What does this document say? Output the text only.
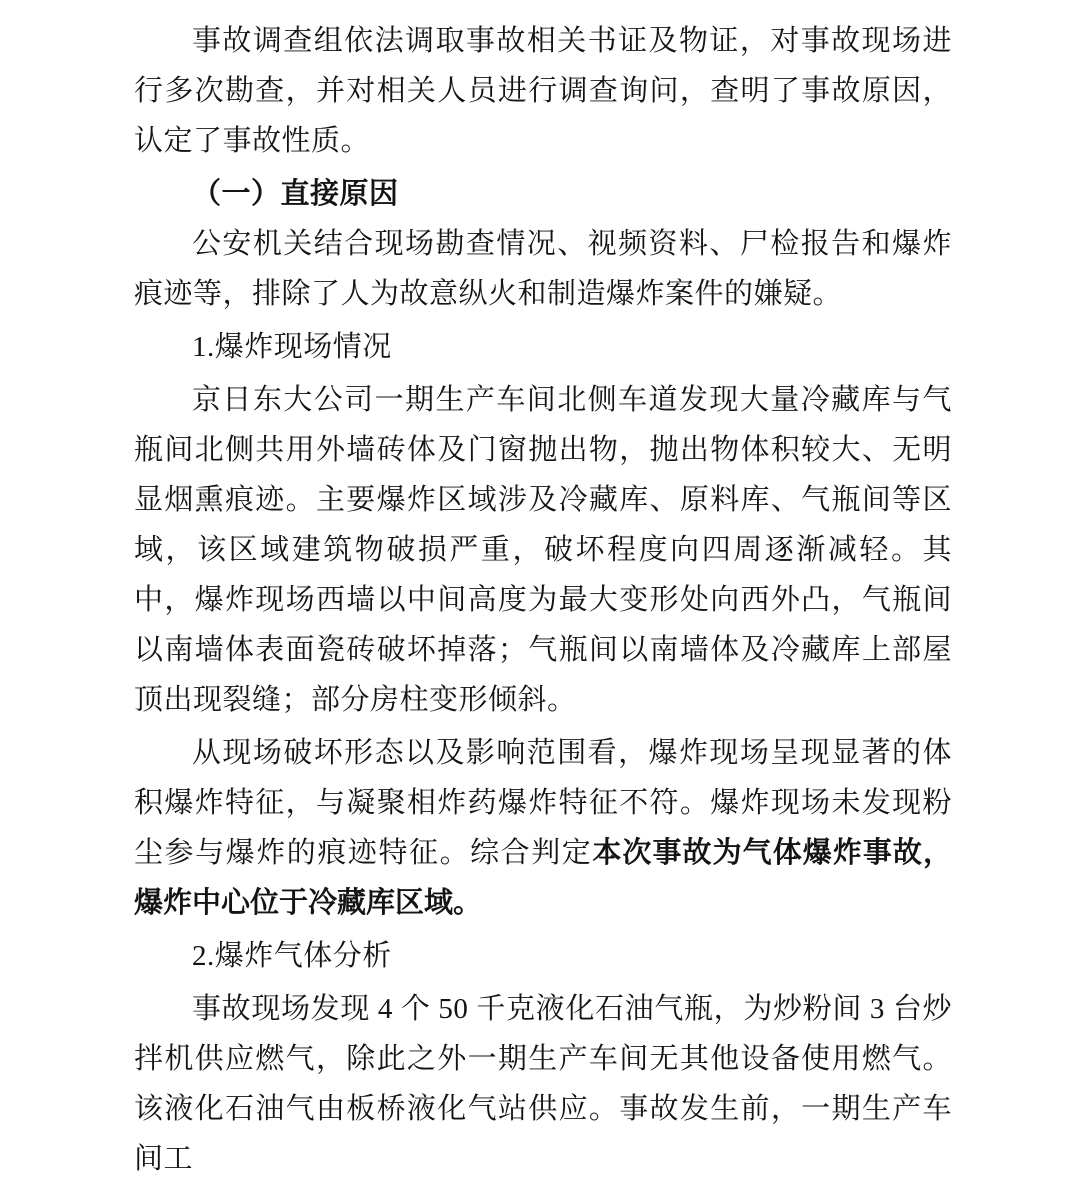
事故调查组依法调取事故相关书证及物证，对事故现场进行多次勘查，并对相关人员进行调查询问，查明了事故原因，认定了事故性质。

（一）直接原因

公安机关结合现场勘查情况、视频资料、尸检报告和爆炸痕迹等，排除了人为故意纵火和制造爆炸案件的嫌疑。

1.爆炸现场情况

京日东大公司一期生产车间北侧车道发现大量冷藏库与气瓶间北侧共用外墙砖体及门窗抛出物，抛出物体积较大、无明显烟熏痕迹。主要爆炸区域涉及冷藏库、原料库、气瓶间等区域，该区域建筑物破损严重，破坏程度向四周逐渐减轻。其中，爆炸现场西墙以中间高度为最大变形处向西外凸，气瓶间以南墙体表面瓷砖破坏掉落；气瓶间以南墙体及冷藏库上部屋顶出现裂缝；部分房柱变形倾斜。

从现场破坏形态以及影响范围看，爆炸现场呈现显著的体积爆炸特征，与凝聚相炸药爆炸特征不符。爆炸现场未发现粉尘参与爆炸的痕迹特征。综合判定本次事故为气体爆炸事故，爆炸中心位于冷藏库区域。

2.爆炸气体分析

事故现场发现 4 个 50 千克液化石油气瓶，为炒粉间 3 台炒拌机供应燃气，除此之外一期生产车间无其他设备使用燃气。该液化石油气由板桥液化气站供应。事故发生前，一期生产车间工
